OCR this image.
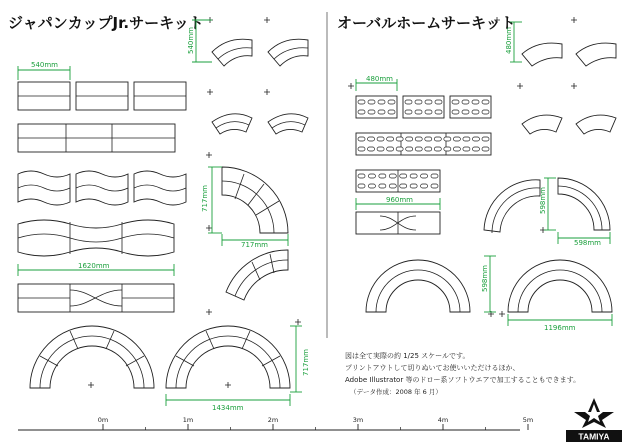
ジャパンカップJr.サーキット	オーバルホームサーキット
540mm
1620mm
540mm
717mm
717mm
717mm
1434mm
480mm
960mm
480mm
598mm
598mm
598mm
1196mm
図は全て実際の約 1/25 スケールです。
プリントアウトして切りぬいてお使いいただけるほか、
Adobe Illustrator 等のドロー系ソフトウエアで加工することもできます。
（データ作成：2008 年 6 月）
0m	1m	2m	3m	4m	5m
TAMIYA
